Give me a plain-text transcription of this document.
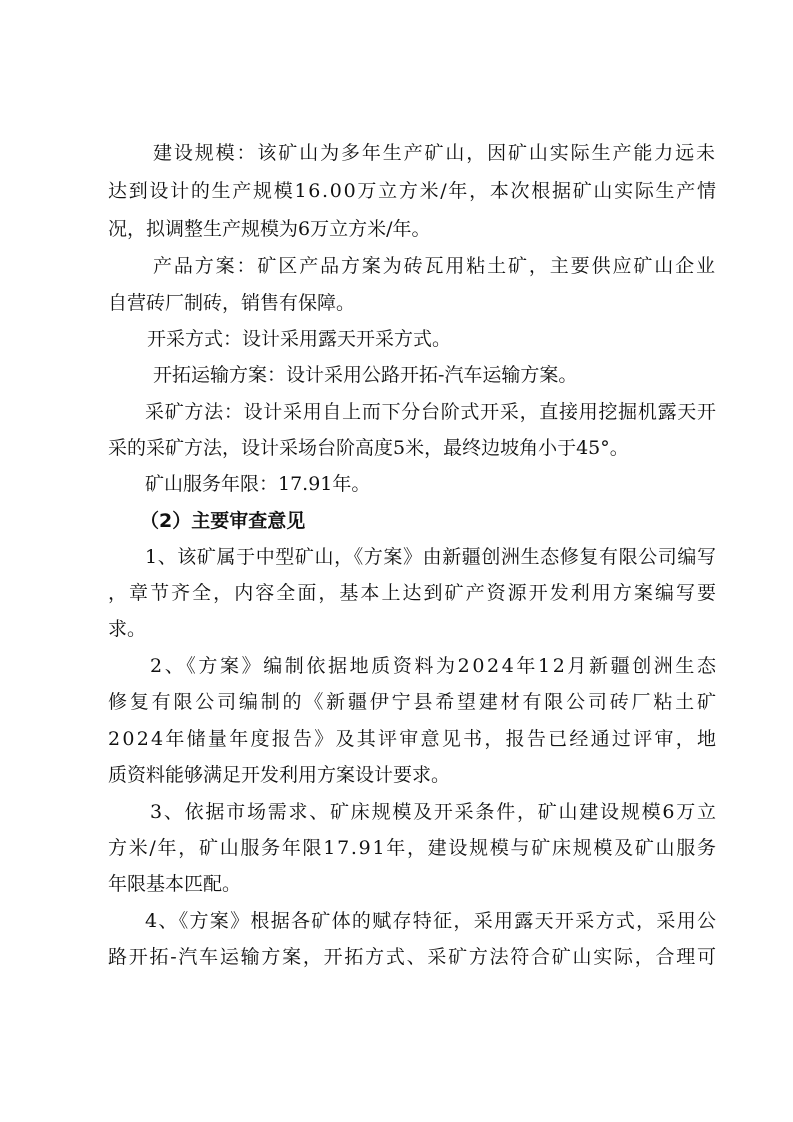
建设规模：该矿山为多年生产矿山，因矿山实际生产能力远未
达到设计的生产规模16.00万立方米/年，本次根据矿山实际生产情
况，拟调整生产规模为6万立方米/年。
产品方案：矿区产品方案为砖瓦用粘土矿，主要供应矿山企业
自营砖厂制砖，销售有保障。
开采方式：设计采用露天开采方式。
开拓运输方案：设计采用公路开拓-汽车运输方案。
采矿方法：设计采用自上而下分台阶式开采，直接用挖掘机露天开
采的采矿方法，设计采场台阶高度5米，最终边坡角小于45°。
矿山服务年限：17.91年。
（2）主要审查意见
1、该矿属于中型矿山，《方案》由新疆创洲生态修复有限公司编写
，章节齐全，内容全面，基本上达到矿产资源开发利用方案编写要
求。
2、《方案》编制依据地质资料为2024年12月新疆创洲生态
修复有限公司编制的《新疆伊宁县希望建材有限公司砖厂粘土矿
2024年储量年度报告》及其评审意见书，报告已经通过评审，地
质资料能够满足开发利用方案设计要求。
3、依据市场需求、矿床规模及开采条件，矿山建设规模6万立
方米/年，矿山服务年限17.91年，建设规模与矿床规模及矿山服务
年限基本匹配。
4、《方案》根据各矿体的赋存特征，采用露天开采方式，采用公
路开拓-汽车运输方案，开拓方式、采矿方法符合矿山实际，合理可
